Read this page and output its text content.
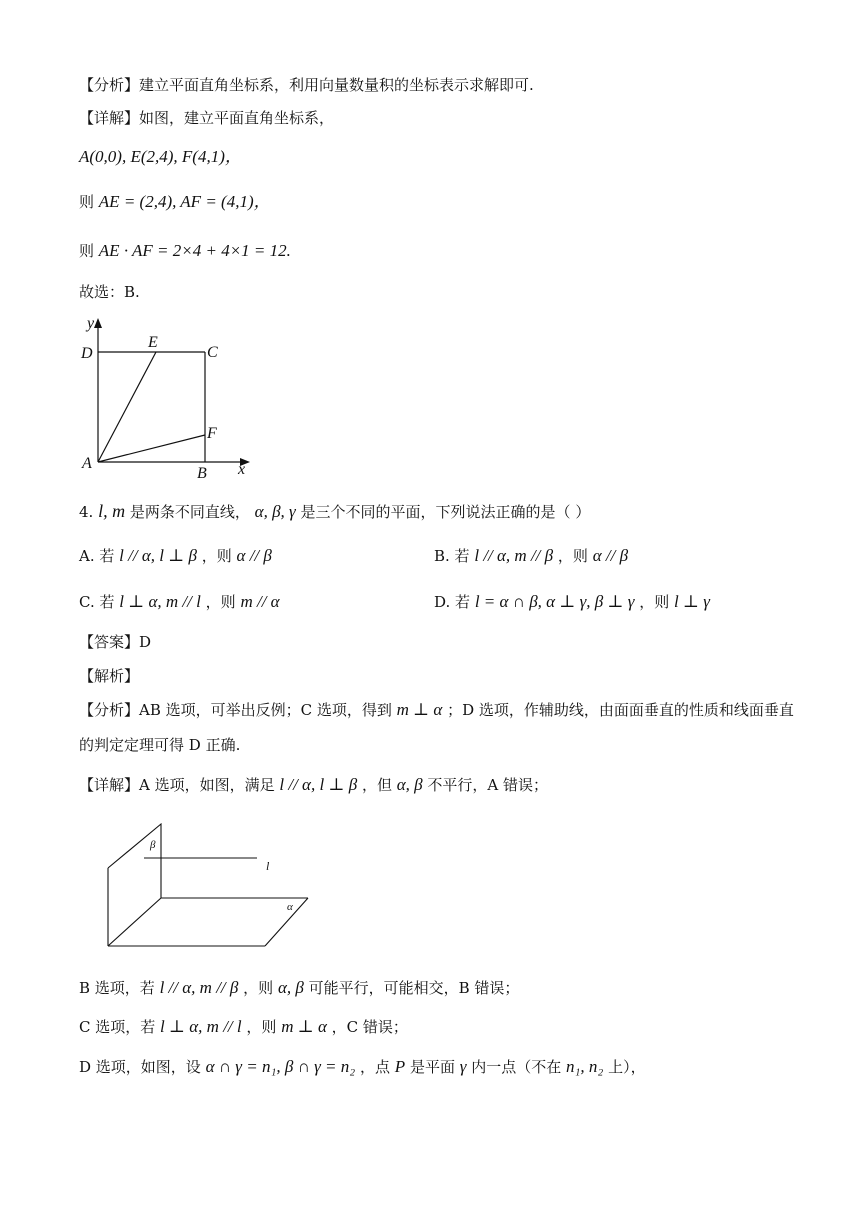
【分析】建立平面直角坐标系，利用向量数量积的坐标表示求解即可.
【详解】如图，建立平面直角坐标系，
A(0,0), E(2,4), F(4,1)，
则 AE = (2,4), AF = (4,1)，
则 AE · AF = 2×4 + 4×1 = 12.
故选：B.
y
x
D
E
C
F
A
B
4. l, m 是两条不同直线， α, β, γ 是三个不同的平面，下列说法正确的是（ ）
A. 若 l // α, l ⊥ β ，则 α // β	B. 若 l // α, m // β ，则 α // β
C. 若 l ⊥ α, m // l ，则 m // α	D. 若 l = α ∩ β, α ⊥ γ, β ⊥ γ ，则 l ⊥ γ
【答案】D
【解析】
【分析】AB 选项，可举出反例；C 选项，得到 m ⊥ α ；D 选项，作辅助线，由面面垂直的性质和线面垂直
的判定定理可得 D 正确.
【详解】A 选项，如图，满足 l // α, l ⊥ β ，但 α, β 不平行，A 错误；
β
l
α
B 选项，若 l // α, m // β ，则 α, β 可能平行，可能相交，B 错误；
C 选项，若 l ⊥ α, m // l ，则 m ⊥ α ，C 错误；
D 选项，如图，设 α ∩ γ = n₁, β ∩ γ = n₂ ，点 P 是平面 γ 内一点（不在 n₁, n₂ 上），
